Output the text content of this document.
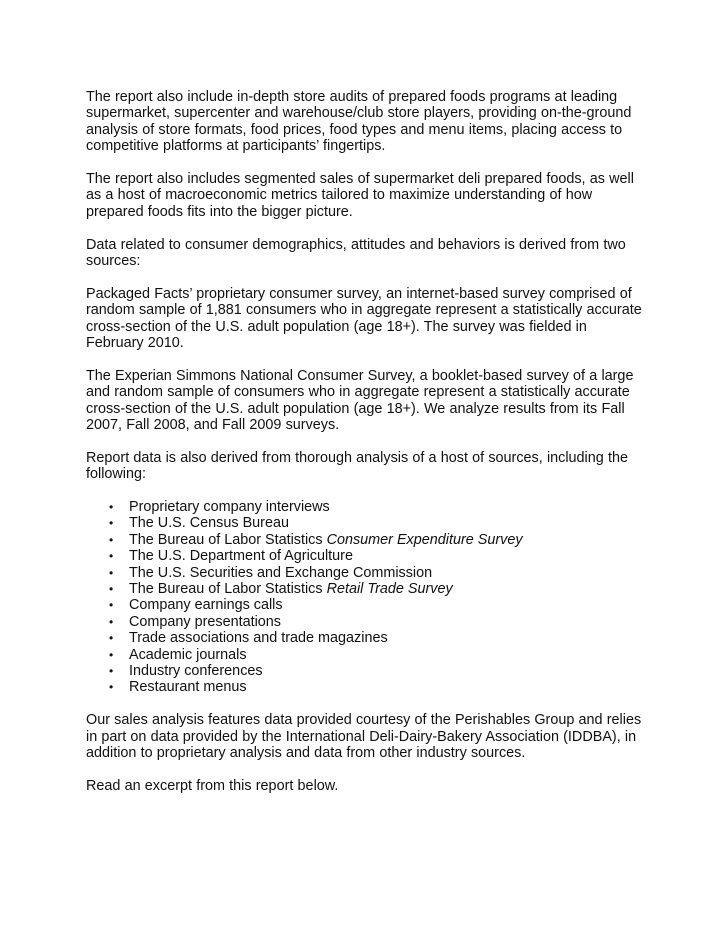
The report also include in-depth store audits of prepared foods programs at leading supermarket, supercenter and warehouse/club store players, providing on-the-ground analysis of store formats, food prices, food types and menu items, placing access to competitive platforms at participants’ fingertips.

The report also includes segmented sales of supermarket deli prepared foods, as well as a host of macroeconomic metrics tailored to maximize understanding of how prepared foods fits into the bigger picture.

Data related to consumer demographics, attitudes and behaviors is derived from two sources:

Packaged Facts’ proprietary consumer survey, an internet-based survey comprised of random sample of 1,881 consumers who in aggregate represent a statistically accurate cross-section of the U.S. adult population (age 18+). The survey was fielded in February 2010.

The Experian Simmons National Consumer Survey, a booklet-based survey of a large and random sample of consumers who in aggregate represent a statistically accurate cross-section of the U.S. adult population (age 18+). We analyze results from its Fall 2007, Fall 2008, and Fall 2009 surveys.

Report data is also derived from thorough analysis of a host of sources, including the following:

• Proprietary company interviews
• The U.S. Census Bureau
• The Bureau of Labor Statistics Consumer Expenditure Survey
• The U.S. Department of Agriculture
• The U.S. Securities and Exchange Commission
• The Bureau of Labor Statistics Retail Trade Survey
• Company earnings calls
• Company presentations
• Trade associations and trade magazines
• Academic journals
• Industry conferences
• Restaurant menus

Our sales analysis features data provided courtesy of the Perishables Group and relies in part on data provided by the International Deli-Dairy-Bakery Association (IDDBA), in addition to proprietary analysis and data from other industry sources.

Read an excerpt from this report below.
